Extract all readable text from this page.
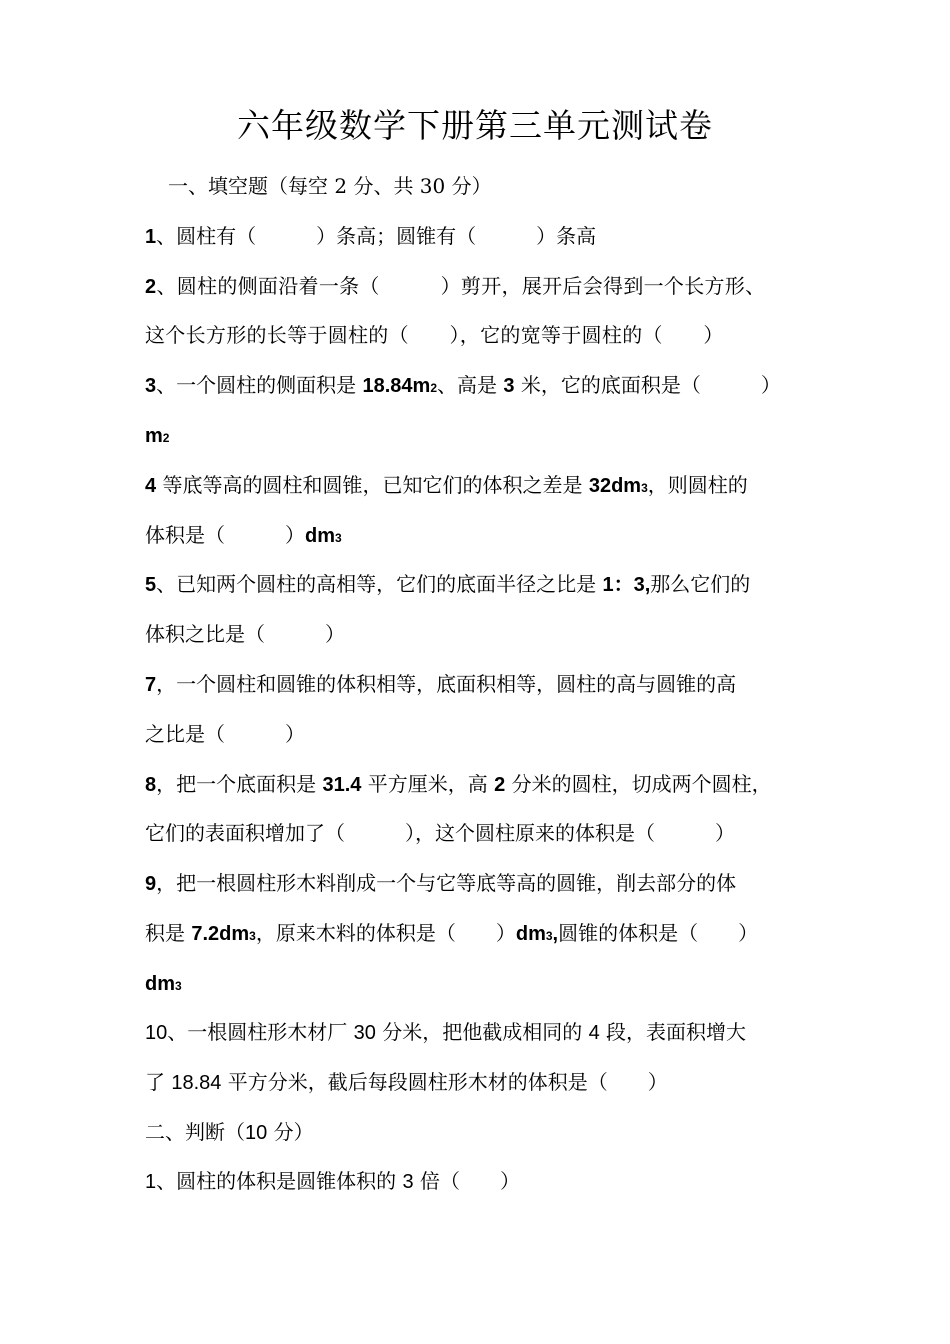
六年级数学下册第三单元测试卷
一、填空题（每空 2 分、共 30 分）
1、圆柱有（　　　）条高；圆锥有（　　　）条高
2、圆柱的侧面沿着一条（　　　）剪开，展开后会得到一个长方形、
这个长方形的长等于圆柱的（　　），它的宽等于圆柱的（　　）
3、一个圆柱的侧面积是 18.84m2、高是 3 米，它的底面积是（　　　）
m2
4 等底等高的圆柱和圆锥，已知它们的体积之差是 32dm3，则圆柱的
体积是（　　　）dm3
5、已知两个圆柱的高相等，它们的底面半径之比是 1：3,那么它们的
体积之比是（　　　）
7，一个圆柱和圆锥的体积相等，底面积相等，圆柱的高与圆锥的高
之比是（　　　）
8，把一个底面积是 31.4 平方厘米，高 2 分米的圆柱，切成两个圆柱，
它们的表面积增加了（　　　），这个圆柱原来的体积是（　　　）
9，把一根圆柱形木料削成一个与它等底等高的圆锥，削去部分的体
积是 7.2dm3，原来木料的体积是（　　）dm3,圆锥的体积是（　　）
dm3
10、一根圆柱形木材厂 30 分米，把他截成相同的 4 段，表面积增大
了 18.84 平方分米，截后每段圆柱形木材的体积是（　　）
二、判断（10 分）
1、圆柱的体积是圆锥体积的 3 倍（　　）
